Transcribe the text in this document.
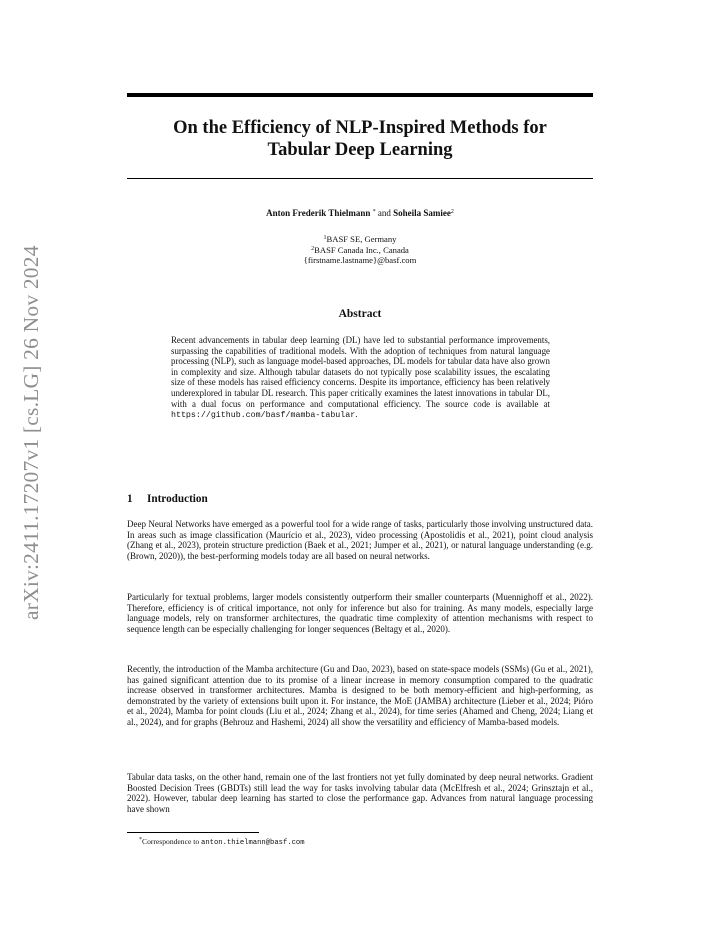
arXiv:2411.17207v1 [cs.LG] 26 Nov 2024
On the Efficiency of NLP-Inspired Methods for
Tabular Deep Learning
Anton Frederik Thielmann * and Soheila Samiee$^2$
$^1$BASF SE, Germany
$^2$BASF Canada Inc., Canada
{firstname.lastname}@basf.com
Abstract
Recent advancements in tabular deep learning (DL) have led to substantial performance improvements, surpassing the capabilities of traditional models. With the adoption of techniques from natural language processing (NLP), such as language model-based approaches, DL models for tabular data have also grown in complexity and size. Although tabular datasets do not typically pose scalability issues, the escalating size of these models has raised efficiency concerns. Despite its importance, efficiency has been relatively underexplored in tabular DL research. This paper critically examines the latest innovations in tabular DL, with a dual focus on performance and computational efficiency. The source code is available at https://github.com/basf/mamba-tabular.
1 Introduction
Deep Neural Networks have emerged as a powerful tool for a wide range of tasks, particularly those involving unstructured data. In areas such as image classification (Maurício et al., 2023), video processing (Apostolidis et al., 2021), point cloud analysis (Zhang et al., 2023), protein structure prediction (Baek et al., 2021; Jumper et al., 2021), or natural language understanding (e.g. (Brown, 2020)), the best-performing models today are all based on neural networks.
Particularly for textual problems, larger models consistently outperform their smaller counterparts (Muennighoff et al., 2022). Therefore, efficiency is of critical importance, not only for inference but also for training. As many models, especially large language models, rely on transformer architectures, the quadratic time complexity of attention mechanisms with respect to sequence length can be especially challenging for longer sequences (Beltagy et al., 2020).
Recently, the introduction of the Mamba architecture (Gu and Dao, 2023), based on state-space models (SSMs) (Gu et al., 2021), has gained significant attention due to its promise of a linear increase in memory consumption compared to the quadratic increase observed in transformer architectures. Mamba is designed to be both memory-efficient and high-performing, as demonstrated by the variety of extensions built upon it. For instance, the MoE (JAMBA) architecture (Lieber et al., 2024; Pióro et al., 2024), Mamba for point clouds (Liu et al., 2024; Zhang et al., 2024), for time series (Ahamed and Cheng, 2024; Liang et al., 2024), and for graphs (Behrouz and Hashemi, 2024) all show the versatility and efficiency of Mamba-based models.
Tabular data tasks, on the other hand, remain one of the last frontiers not yet fully dominated by deep neural networks. Gradient Boosted Decision Trees (GBDTs) still lead the way for tasks involving tabular data (McElfresh et al., 2024; Grinsztajn et al., 2022). However, tabular deep learning has started to close the performance gap. Advances from natural language processing have shown
*Correspondence to anton.thielmann@basf.com
